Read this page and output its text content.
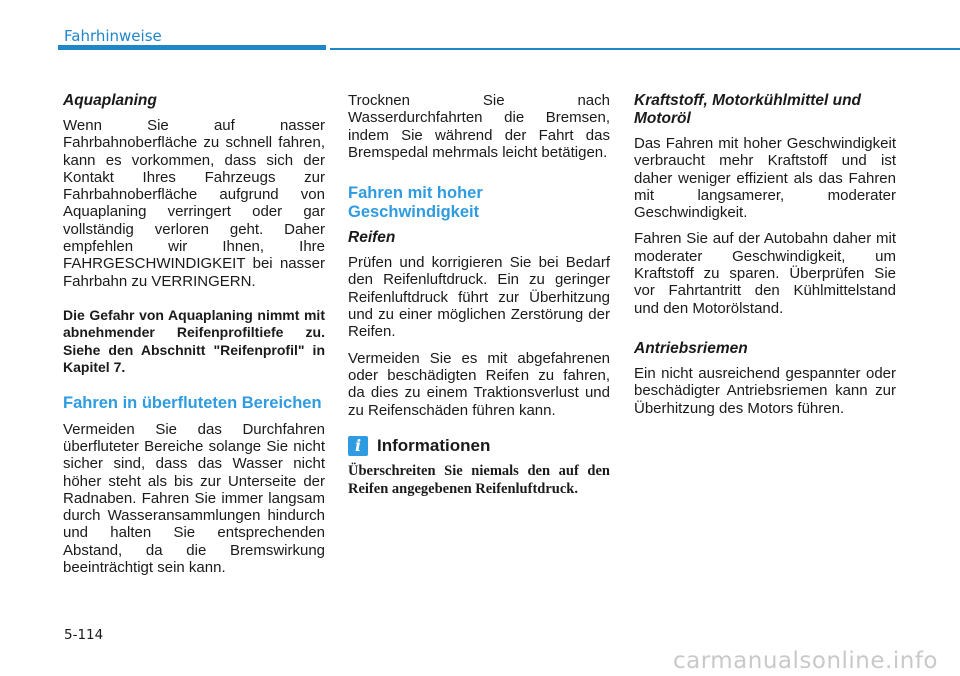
Fahrhinweise
Aquaplaning

Wenn Sie auf nasser Fahrbahnoberfläche zu schnell fahren, kann es vorkommen, dass sich der Kontakt Ihres Fahrzeugs zur Fahrbahnoberfläche aufgrund von Aquaplaning verringert oder gar vollständig verloren geht. Daher empfehlen wir Ihnen, Ihre FAHRGESCHWINDIGKEIT bei nasser Fahrbahn zu VERRINGERN.

Die Gefahr von Aquaplaning nimmt mit abnehmender Reifenprofiltiefe zu. Siehe den Abschnitt "Reifenprofil" in Kapitel 7.

Fahren in überfluteten Bereichen

Vermeiden Sie das Durchfahren überfluteter Bereiche solange Sie nicht sicher sind, dass das Wasser nicht höher steht als bis zur Unterseite der Radnaben. Fahren Sie immer langsam durch Wasseransammlungen hindurch und halten Sie entsprechenden Abstand, da die Bremswirkung beeinträchtigt sein kann.

Trocknen Sie nach Wasserdurchfahrten die Bremsen, indem Sie während der Fahrt das Bremspedal mehrmals leicht betätigen.

Fahren mit hoher Geschwindigkeit
Reifen

Prüfen und korrigieren Sie bei Bedarf den Reifenluftdruck. Ein zu geringer Reifenluftdruck führt zur Überhitzung und zu einer möglichen Zerstörung der Reifen.

Vermeiden Sie es mit abgefahrenen oder beschädigten Reifen zu fahren, da dies zu einem Traktionsverlust und zu Reifenschäden führen kann.

i Informationen

Überschreiten Sie niemals den auf den Reifen angegebenen Reifenluftdruck.

Kraftstoff, Motorkühlmittel und Motoröl

Das Fahren mit hoher Geschwindigkeit verbraucht mehr Kraftstoff und ist daher weniger effizient als das Fahren mit langsamerer, moderater Geschwindigkeit.

Fahren Sie auf der Autobahn daher mit moderater Geschwindigkeit, um Kraftstoff zu sparen. Überprüfen Sie vor Fahrtantritt den Kühlmittelstand und den Motorölstand.

Antriebsriemen

Ein nicht ausreichend gespannter oder beschädigter Antriebsriemen kann zur Überhitzung des Motors führen.

5-114
carmanualsonline.info
